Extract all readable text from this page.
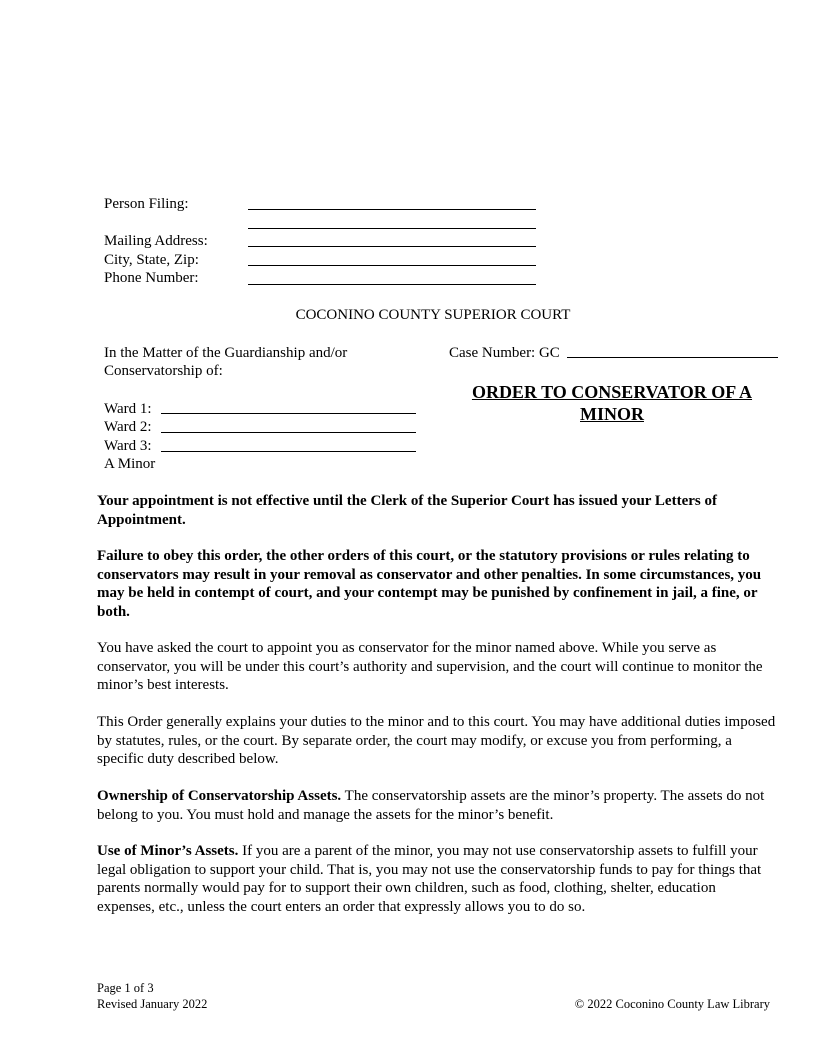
Person Filing:
Mailing Address:
City, State, Zip:
Phone Number:
COCONINO COUNTY SUPERIOR COURT
In the Matter of the Guardianship and/or
Conservatorship of:
Ward 1:
Ward 2:
Ward 3:
A Minor
Case Number: GC
ORDER TO CONSERVATOR OF A
MINOR

Your appointment is not effective until the Clerk of the Superior Court has issued your Letters of Appointment.

Failure to obey this order, the other orders of this court, or the statutory provisions or rules relating to conservators may result in your removal as conservator and other penalties. In some circumstances, you may be held in contempt of court, and your contempt may be punished by confinement in jail, a fine, or both.

You have asked the court to appoint you as conservator for the minor named above. While you serve as conservator, you will be under this court’s authority and supervision, and the court will continue to monitor the minor’s best interests.

This Order generally explains your duties to the minor and to this court. You may have additional duties imposed by statutes, rules, or the court. By separate order, the court may modify, or excuse you from performing, a specific duty described below.

Ownership of Conservatorship Assets. The conservatorship assets are the minor’s property. The assets do not belong to you. You must hold and manage the assets for the minor’s benefit.

Use of Minor’s Assets. If you are a parent of the minor, you may not use conservatorship assets to fulfill your legal obligation to support your child. That is, you may not use the conservatorship funds to pay for things that parents normally would pay for to support their own children, such as food, clothing, shelter, education expenses, etc., unless the court enters an order that expressly allows you to do so.

Page 1 of 3
Revised January 2022	© 2022 Coconino County Law Library
